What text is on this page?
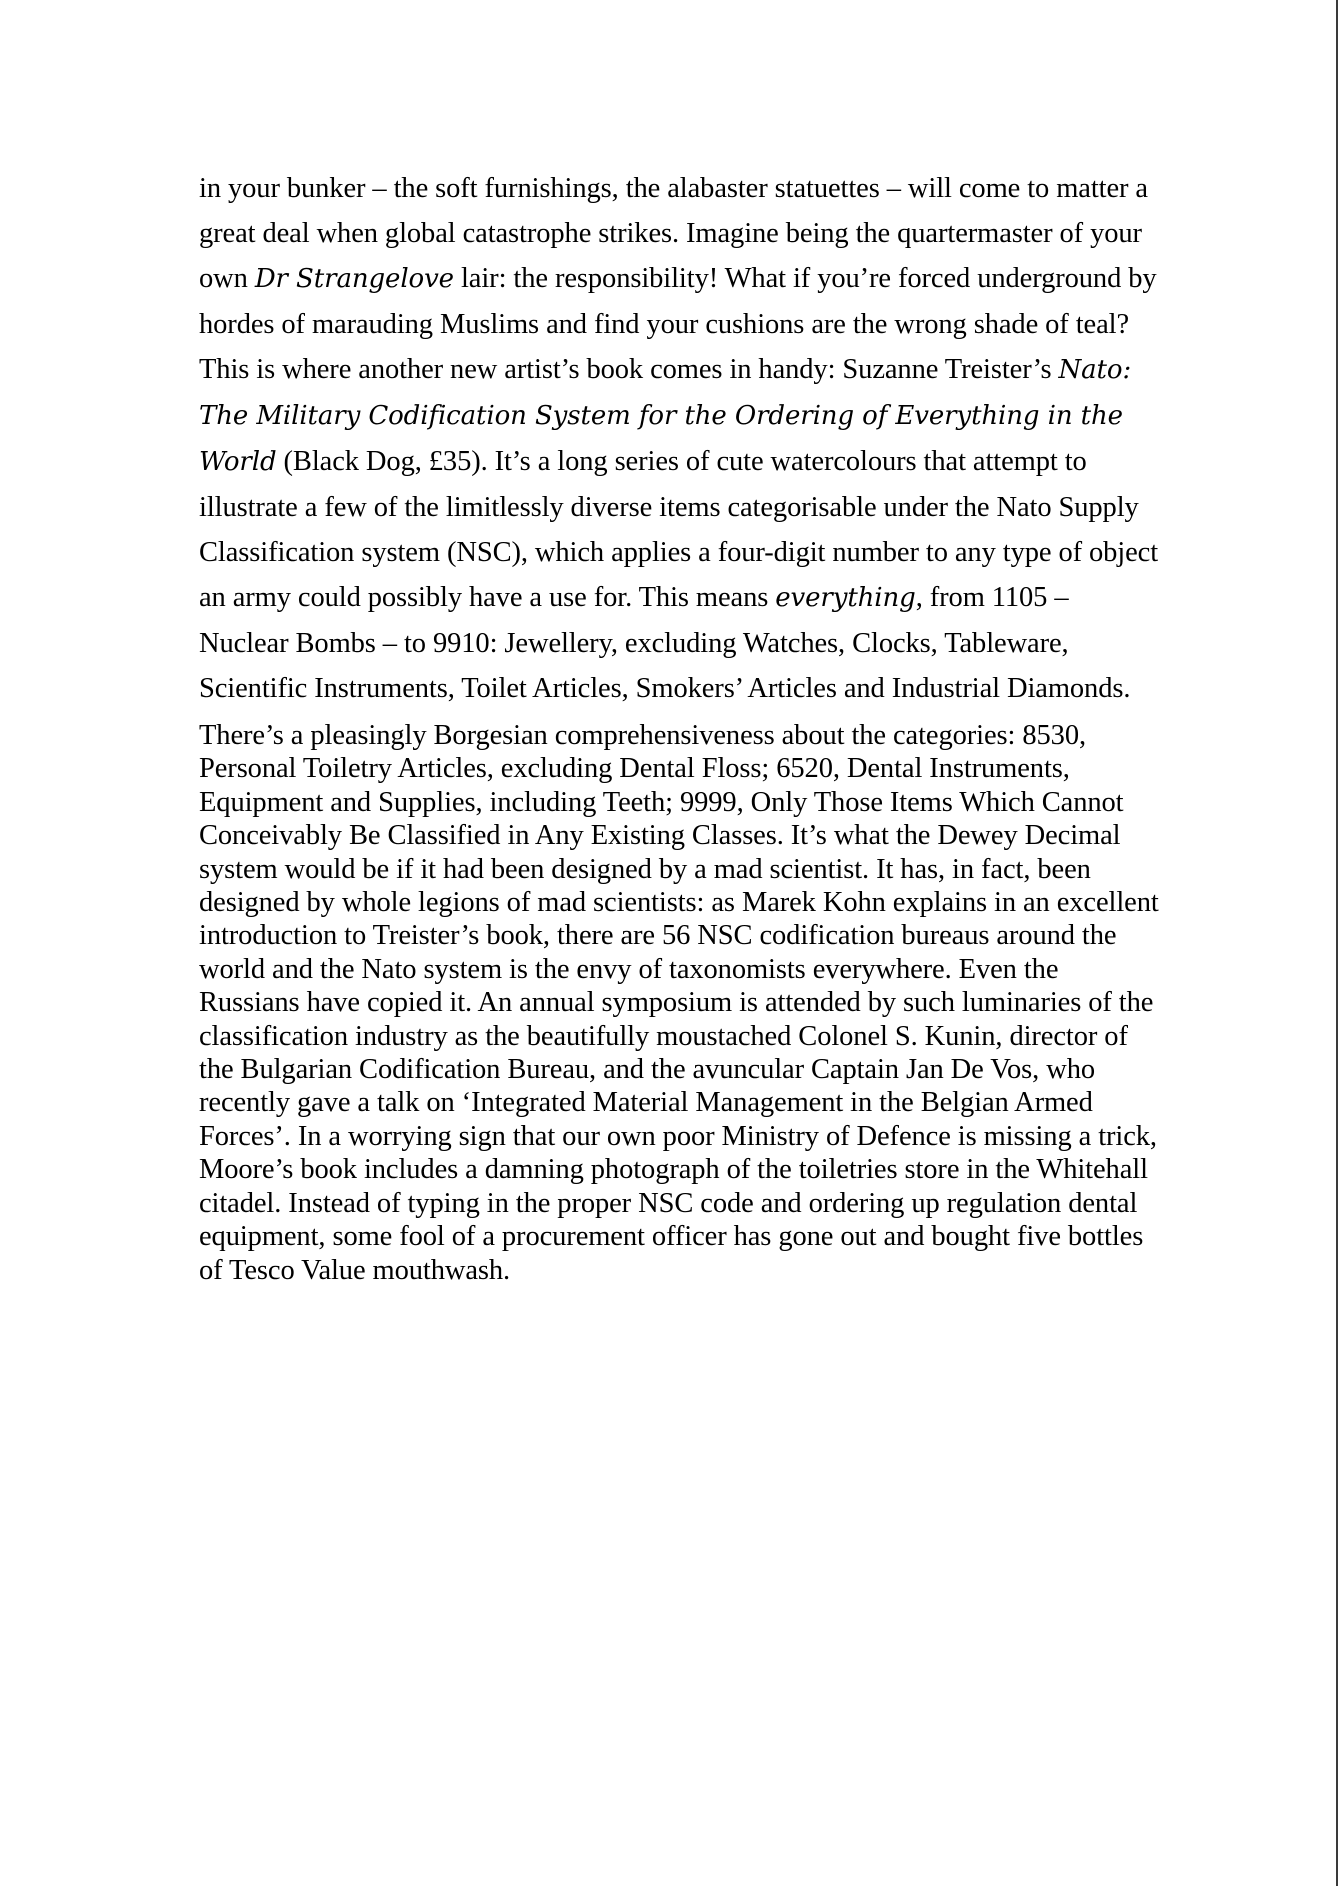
in your bunker – the soft furnishings, the alabaster statuettes – will come to matter a great deal when global catastrophe strikes. Imagine being the quartermaster of your own Dr Strangelove lair: the responsibility! What if you’re forced underground by hordes of marauding Muslims and find your cushions are the wrong shade of teal? This is where another new artist’s book comes in handy: Suzanne Treister’s Nato: The Military Codification System for the Ordering of Everything in the World (Black Dog, £35). It’s a long series of cute watercolours that attempt to illustrate a few of the limitlessly diverse items categorisable under the Nato Supply Classification system (NSC), which applies a four-digit number to any type of object an army could possibly have a use for. This means everything, from 1105 – Nuclear Bombs – to 9910: Jewellery, excluding Watches, Clocks, Tableware, Scientific Instruments, Toilet Articles, Smokers’ Articles and Industrial Diamonds.

There’s a pleasingly Borgesian comprehensiveness about the categories: 8530, Personal Toiletry Articles, excluding Dental Floss; 6520, Dental Instruments, Equipment and Supplies, including Teeth; 9999, Only Those Items Which Cannot Conceivably Be Classified in Any Existing Classes. It’s what the Dewey Decimal system would be if it had been designed by a mad scientist. It has, in fact, been designed by whole legions of mad scientists: as Marek Kohn explains in an excellent introduction to Treister’s book, there are 56 NSC codification bureaus around the world and the Nato system is the envy of taxonomists everywhere. Even the Russians have copied it. An annual symposium is attended by such luminaries of the classification industry as the beautifully moustached Colonel S. Kunin, director of the Bulgarian Codification Bureau, and the avuncular Captain Jan De Vos, who recently gave a talk on ‘Integrated Material Management in the Belgian Armed Forces’. In a worrying sign that our own poor Ministry of Defence is missing a trick, Moore’s book includes a damning photograph of the toiletries store in the Whitehall citadel. Instead of typing in the proper NSC code and ordering up regulation dental equipment, some fool of a procurement officer has gone out and bought five bottles of Tesco Value mouthwash.
